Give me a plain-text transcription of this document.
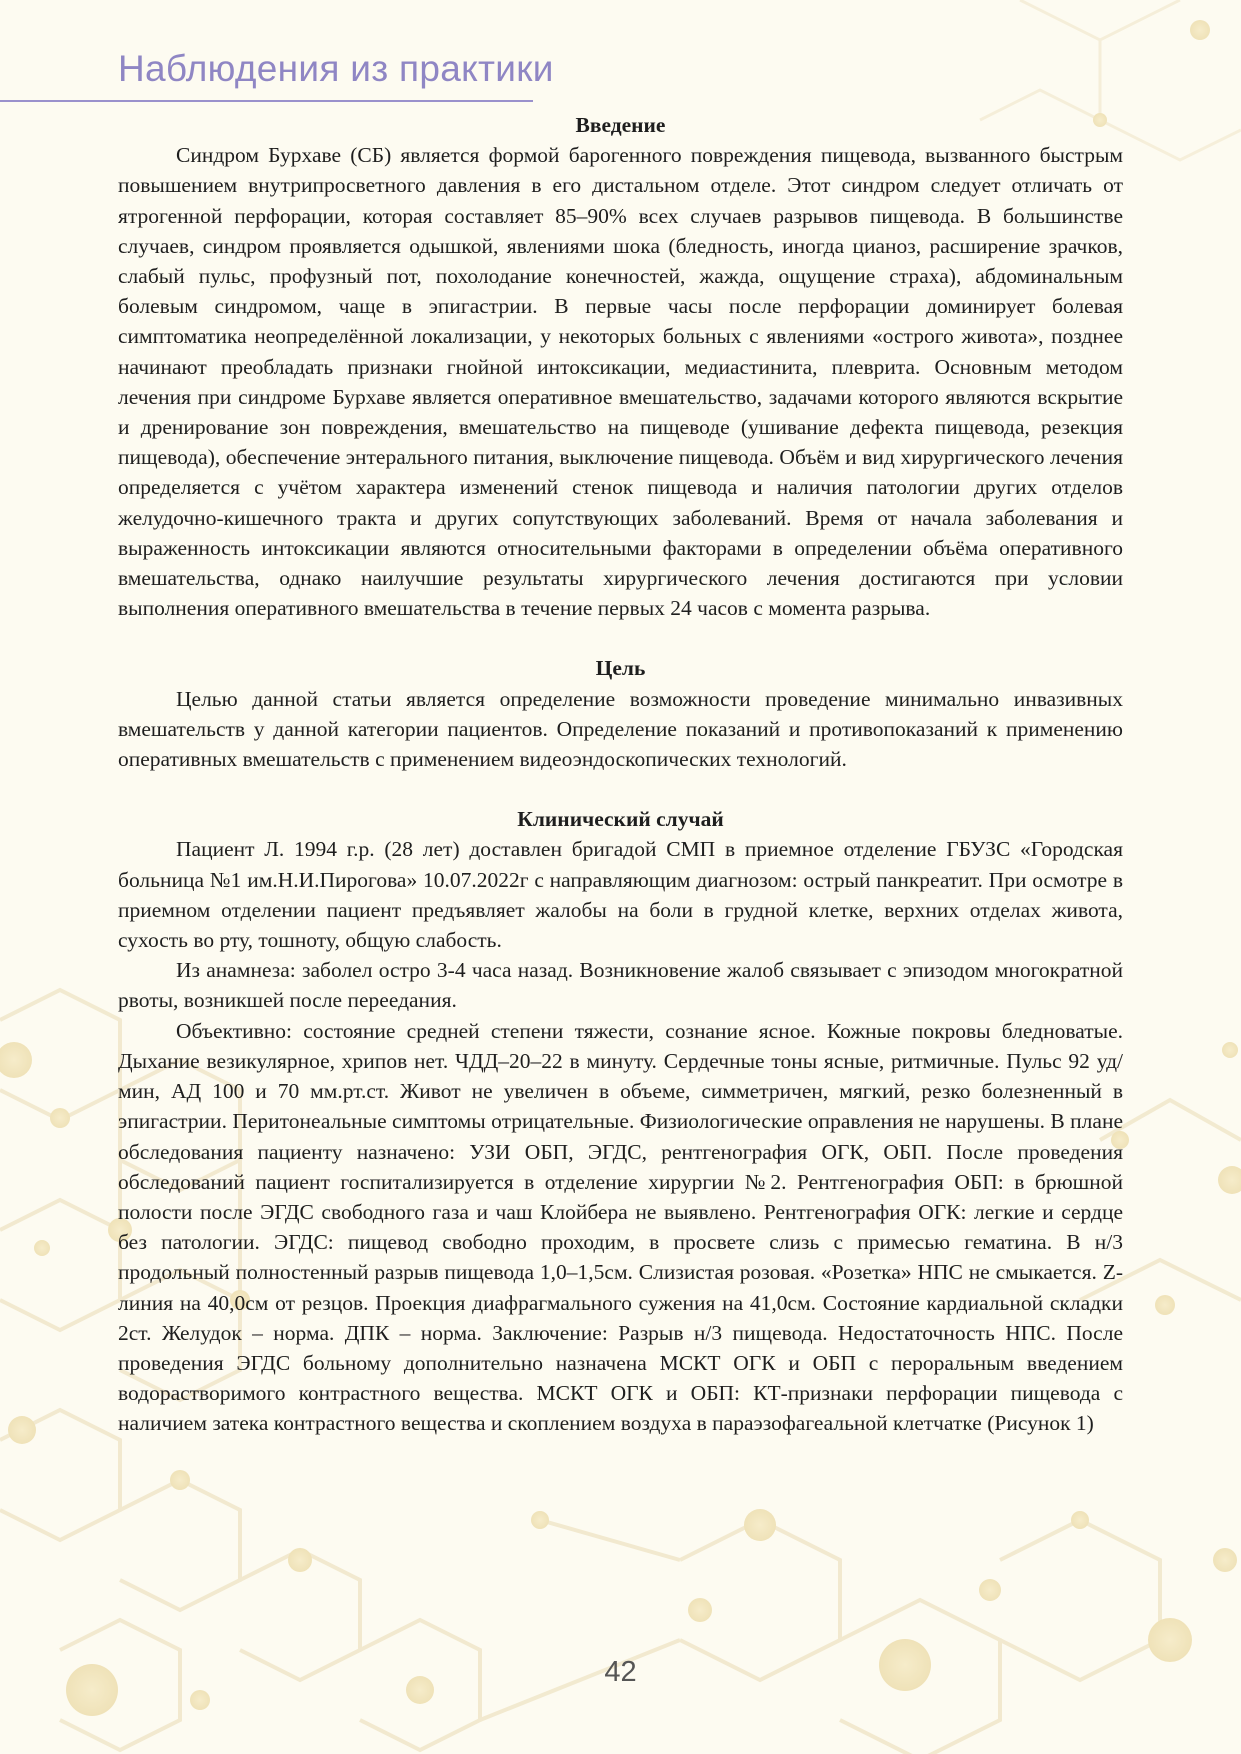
Наблюдения из практики
Введение

Синдром Бурхаве (СБ) является формой барогенного повреждения пищевода, вызванного быстрым повышением внутрипросветного давления в его дистальном отделе. Этот синдром следует отличать от ятрогенной перфорации, которая составляет 85–90% всех случаев разрывов пищевода. В большинстве случаев, синдром проявляется одышкой, явлениями шока (бледность, иногда цианоз, расширение зрачков, слабый пульс, профузный пот, похолодание конечностей, жажда, ощущение страха), абдоминальным болевым синдромом, чаще в эпигастрии. В первые часы после перфорации доминирует болевая симптоматика неопределённой локализации, у некоторых больных с явлениями «острого живота», позднее начинают преобладать признаки гнойной интоксикации, медиастинита, плеврита. Основным методом лечения при синдроме Бурхаве является оперативное вмешательство, задачами которого являются вскрытие и дренирование зон повреждения, вмешательство на пищеводе (ушивание дефекта пищевода, резекция пищевода), обеспечение энтерального питания, выключение пищевода. Объём и вид хирургического лечения определяется с учётом характера изменений стенок пищевода и наличия патологии других отделов желудочно-кишечного тракта и других сопутствующих заболеваний. Время от начала заболевания и выраженность интоксикации являются относительными факторами в определении объёма оперативного вмешательства, однако наилучшие результаты хирургического лечения достигаются при условии выполнения оперативного вмешательства в течение первых 24 часов с момента разрыва.

Цель

Целью данной статьи является определение возможности проведение минимально инвазивных вмешательств у данной категории пациентов. Определение показаний и противопоказаний к применению оперативных вмешательств с применением видеоэндоскопических технологий.

Клинический случай

Пациент Л. 1994 г.р. (28 лет) доставлен бригадой СМП в приемное отделение ГБУЗС «Городская больница №1 им.Н.И.Пирогова» 10.07.2022г с направляющим диагнозом: острый панкреатит. При осмотре в приемном отделении пациент предъявляет жалобы на боли в грудной клетке, верхних отделах живота, сухость во рту, тошноту, общую слабость.

Из анамнеза: заболел остро 3-4 часа назад. Возникновение жалоб связывает с эпизодом многократной рвоты, возникшей после переедания.

Объективно: состояние средней степени тяжести, сознание ясное. Кожные покровы бледноватые. Дыхание везикулярное, хрипов нет. ЧДД–20–22 в минуту. Сердечные тоны ясные, ритмичные. Пульс 92 уд/мин, АД 100 и 70 мм.рт.ст. Живот не увеличен в объеме, симметричен, мягкий, резко болезненный в эпигастрии. Перитонеальные симптомы отрицательные. Физиологические оправления не нарушены. В плане обследования пациенту назначено: УЗИ ОБП, ЭГДС, рентгенография ОГК, ОБП. После проведения обследований пациент госпитализируется в отделение хирургии №2. Рентгенография ОБП: в брюшной полости после ЭГДС свободного газа и чаш Клойбера не выявлено. Рентгенография ОГК: легкие и сердце без патологии. ЭГДС: пищевод свободно проходим, в просвете слизь с примесью гематина. В н/3 продольный полностенный разрыв пищевода 1,0–1,5см. Слизистая розовая. «Розетка» НПС не смыкается. Z-линия на 40,0см от резцов. Проекция диафрагмального сужения на 41,0см. Состояние кардиальной складки 2ст. Желудок – норма. ДПК – норма. Заключение: Разрыв н/3 пищевода. Недостаточность НПС. После проведения ЭГДС больному дополнительно назначена МСКТ ОГК и ОБП с пероральным введением водорастворимого контрастного вещества. МСКТ ОГК и ОБП: КТ-признаки перфорации пищевода с наличием затека контрастного вещества и скоплением воздуха в параэзофагеальной клетчатке (Рисунок 1)

42
